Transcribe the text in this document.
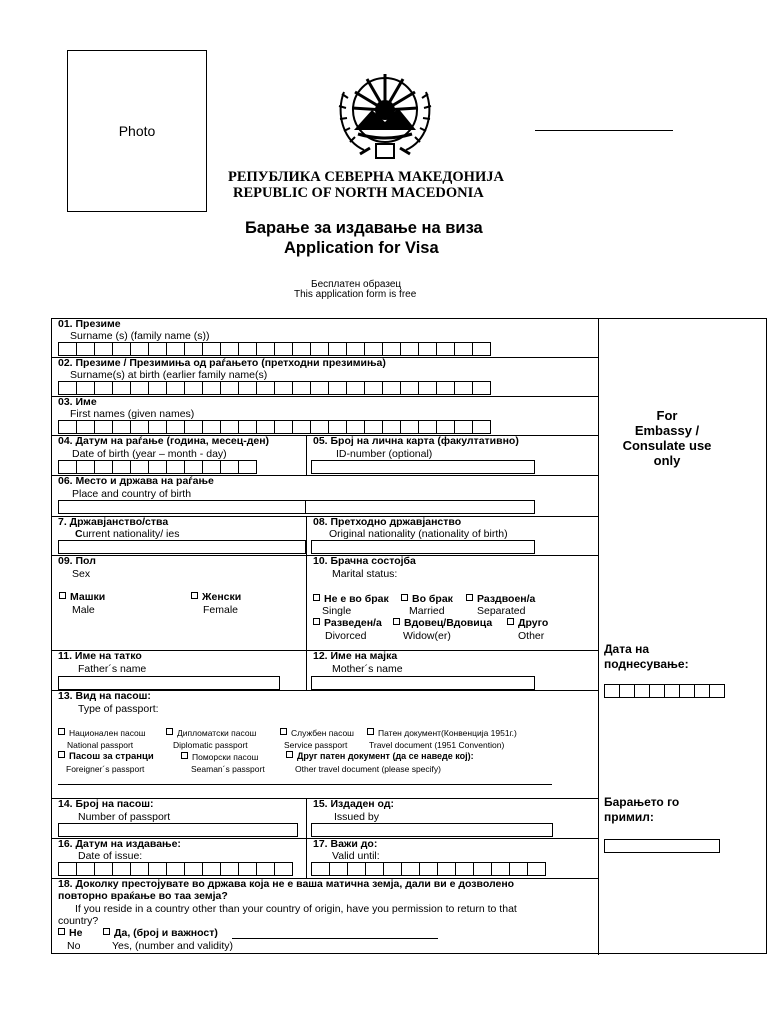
Photo
РЕПУБЛИКА СЕВЕРНА МАКЕДОНИЈА
REPUBLIC OF NORTH MACEDONIA
Барање за издавање на виза
Application for Visa
Бесплатен образец
This application form is free
01. Презиме
Surname (s) (family name (s))
02. Презиме / Презимиња од раѓањето (претходни презимиња)
Surname(s) at birth (earlier family name(s)
03. Име
First names (given names)
04. Датум на раѓање (година, месец-ден)
Date of birth (year – month - day)
05. Број на лична карта (факултативно)
ID-number (optional)
06. Место и држава на раѓање
Place and country of birth
7. Државјанство/ства
Current nationality/ ies
08. Претходно државјанство
Original nationality (nationality of birth)
09. Пол
Sex
Машки
Male
Женски
Female
10. Брачна состојба
Marital status:
Не е во брак
Single
Во брак
Married
Раздвоен/а
Separated
Разведен/а
Divorced
Вдовец/Вдовица
Widow(er)
Друго
Other
11. Име на татко
Father´s name
12. Име на мајка
Mother´s name
13. Вид на пасош:
Type of passport:
Национален пасош	Дипломатски пасош	Службен пасош	Патен документ(Конвенција 1951г.)
National passport	Diplomatic passport	Service passport	Travel document (1951 Convention)
Пасош за странци	Поморски пасош	Друг патен документ (да се наведе кој):
Foreigner´s passport	Seaman´s passport	Other travel document (please specify)
14. Број на пасош:
Number of passport
15. Издаден од:
Issued by
16. Датум на издавање:
Date of issue:
17. Важи до:
Valid until:
18. Доколку престојувате во држава која не е ваша матична земја, дали ви е дозволено
повторно враќање во таа земја?
If you reside in a country other than your country of origin, have you permission to return to that
country?
Не
No
Да, (број и важност)
Yes, (number and validity)
For
Embassy /
Consulate use
only
Дата на
поднесување:
Барањето го
примил:
